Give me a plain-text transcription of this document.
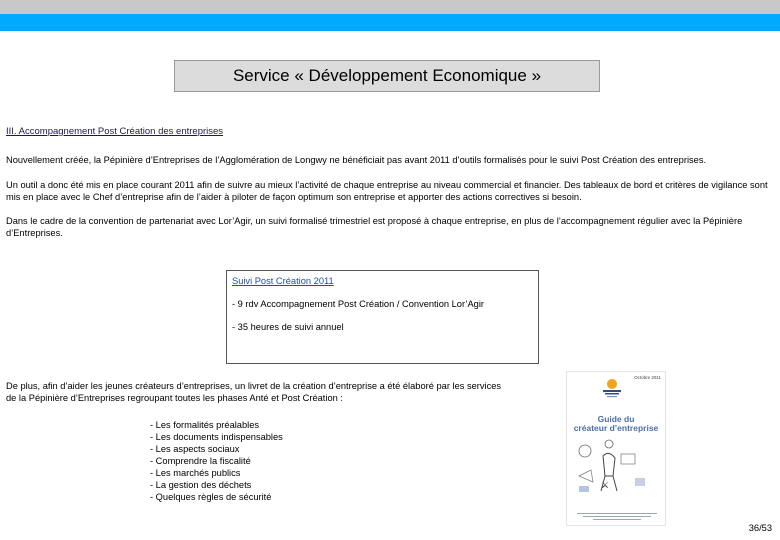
Service « Développement Economique »
III. Accompagnement Post Création des entreprises
Nouvellement créée, la Pépinière d’Entreprises de l’Agglomération de Longwy ne bénéficiait pas avant 2011 d’outils formalisés pour le suivi Post Création des entreprises.
Un outil a donc été mis en place courant 2011 afin de suivre au mieux l’activité de chaque entreprise au niveau commercial et financier. Des tableaux de bord et critères de vigilance sont mis en place avec le Chef d’entreprise afin de l’aider à piloter de façon optimum son entreprise et apporter des actions correctives si besoin.
Dans le cadre de la convention de partenariat avec Lor’Agir, un suivi formalisé trimestriel est proposé à chaque entreprise, en plus de l’accompagnement régulier avec la Pépinière d’Entreprises.
Suivi Post Création 2011
- 9 rdv Accompagnement Post Création / Convention Lor’Agir
- 35 heures de suivi annuel
De plus, afin d’aider les jeunes créateurs d’entreprises, un livret de la création d’entreprise a été élaboré par les services de la Pépinière d’Entreprises regroupant toutes les phases Anté et Post Création :
- Les formalités préalables
- Les documents indispensables
- Les aspects sociaux
- Comprendre la fiscalité
- Les marchés publics
- La gestion des déchets
- Quelques règles de sécurité
Octobre 2011
Guide du
créateur d’entreprise
⚔
36/53
